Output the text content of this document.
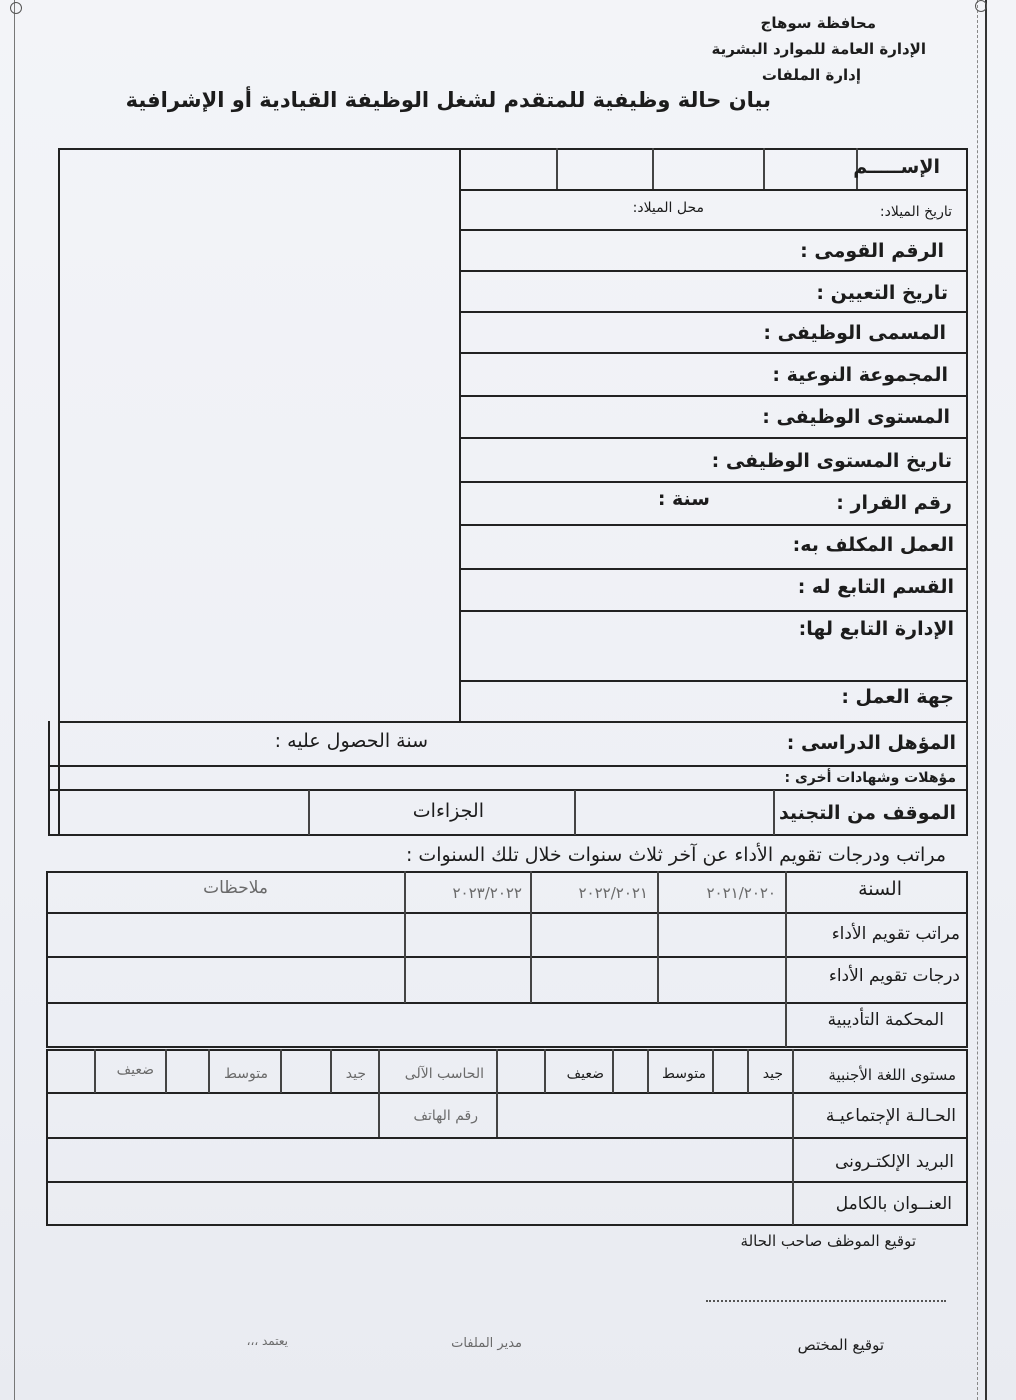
محافظة سوهاج
الإدارة العامة للموارد البشرية
إدارة الملفات
بيان حالة وظيفية للمتقدم لشغل الوظيفة القيادية أو الإشرافية
الإســـــم
تاريخ الميلاد:
محل الميلاد:
الرقم القومى :
تاريخ التعيين :
المسمى الوظيفى :
المجموعة النوعية :
المستوى الوظيفى :
تاريخ المستوى الوظيفى :
رقم القرار :
سنة :
العمل المكلف به:
القسم التابع له :
الإدارة التابع لها:
جهة العمل :
المؤهل الدراسى :
سنة الحصول عليه :
مؤهلات وشهادات أخرى :
الموقف من التجنيد
الجزاءات
مراتب ودرجات تقويم الأداء عن آخر ثلاث سنوات خلال تلك السنوات :
السنة
٢٠٢١/٢٠٢٠
٢٠٢٢/٢٠٢١
٢٠٢٣/٢٠٢٢
ملاحظات
مراتب تقويم الأداء
درجات تقويم الأداء
المحكمة التأديبية
مستوى اللغة الأجنبية
جيد
متوسط
ضعيف
الحاسب الآلى
جيد
متوسط
ضعيف
الحـالـة الإجتماعيـة
رقم الهاتف
البريد الإلكتـرونى
العنــوان بالكامل
توقيع الموظف صاحب الحالة
توقيع المختص
مدير الملفات
يعتمد ،،،
